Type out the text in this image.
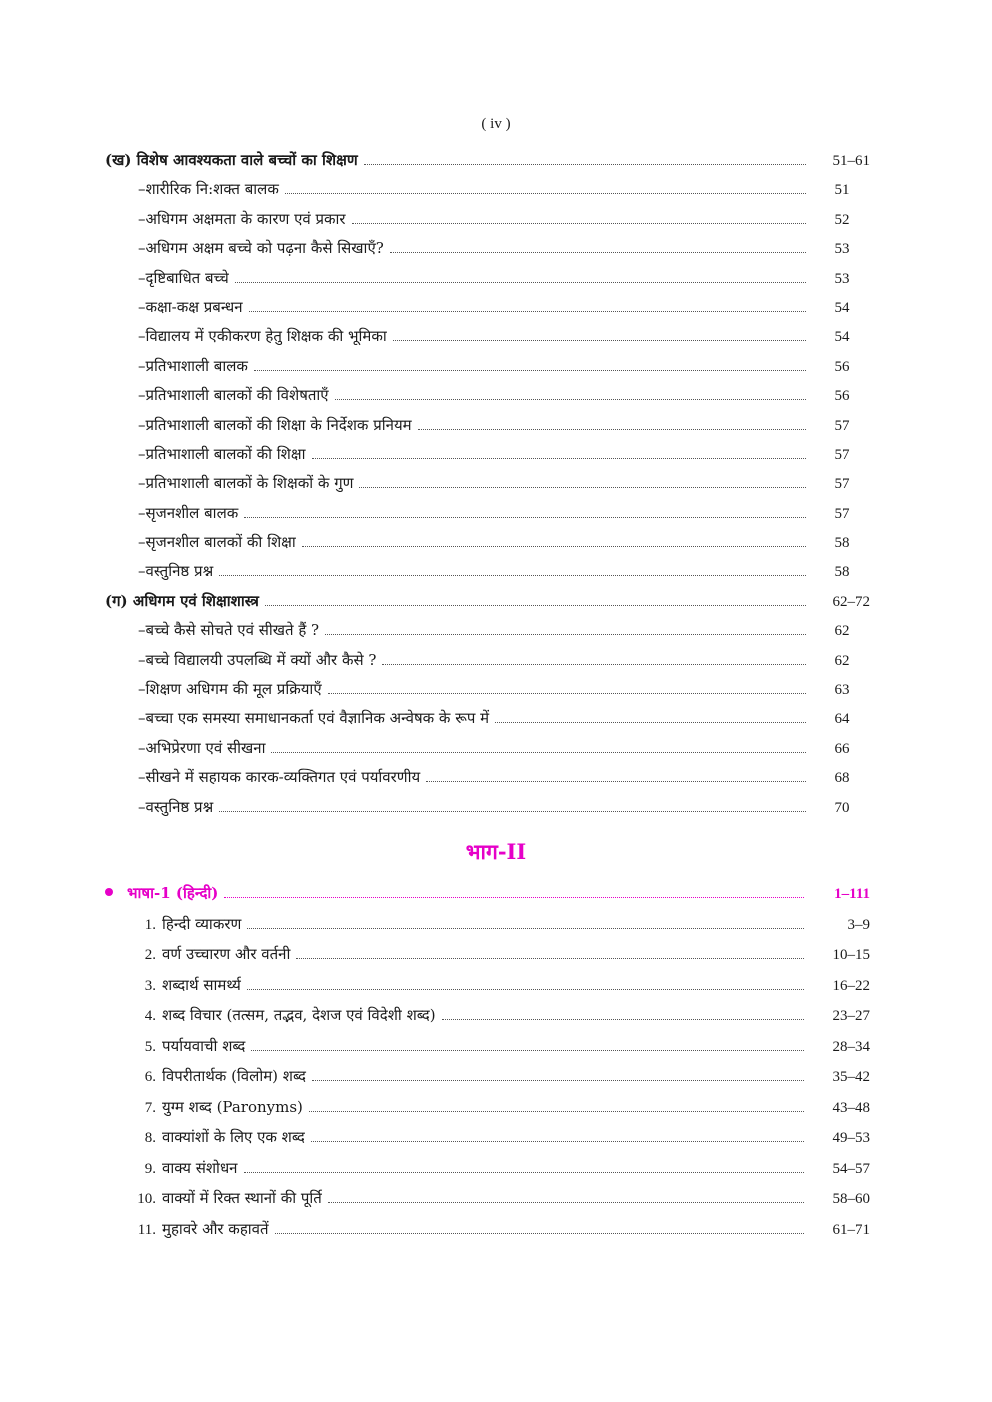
( iv )
(ख) विशेष आवश्यकता वाले बच्चों का शिक्षण	51–61
–शारीरिक नि:शक्त बालक	51
–अधिगम अक्षमता के कारण एवं प्रकार	52
–अधिगम अक्षम बच्चे को पढ़ना कैसे सिखाएँ?	53
–दृष्टिबाधित बच्चे	53
–कक्षा-कक्ष प्रबन्धन	54
–विद्यालय में एकीकरण हेतु शिक्षक की भूमिका	54
–प्रतिभाशाली बालक	56
–प्रतिभाशाली बालकों की विशेषताएँ	56
–प्रतिभाशाली बालकों की शिक्षा के निर्देशक प्रनियम	57
–प्रतिभाशाली बालकों की शिक्षा	57
–प्रतिभाशाली बालकों के शिक्षकों के गुण	57
–सृजनशील बालक	57
–सृजनशील बालकों की शिक्षा	58
–वस्तुनिष्ठ प्रश्न	58
(ग) अधिगम एवं शिक्षाशास्त्र	62–72
–बच्चे कैसे सोचते एवं सीखते हैं ?	62
–बच्चे विद्यालयी उपलब्धि में क्यों और कैसे ?	62
–शिक्षण अधिगम की मूल प्रक्रियाएँ	63
–बच्चा एक समस्या समाधानकर्ता एवं वैज्ञानिक अन्वेषक के रूप में	64
–अभिप्रेरणा एवं सीखना	66
–सीखने में सहायक कारक-व्यक्तिगत एवं पर्यावरणीय	68
–वस्तुनिष्ठ प्रश्न	70
भाग-II
भाषा-1 (हिन्दी)	1–111
1. हिन्दी व्याकरण	3–9
2. वर्ण उच्चारण और वर्तनी	10–15
3. शब्दार्थ सामर्थ्य	16–22
4. शब्द विचार (तत्सम, तद्भव, देशज एवं विदेशी शब्द)	23–27
5. पर्यायवाची शब्द	28–34
6. विपरीतार्थक (विलोम) शब्द	35–42
7. युग्म शब्द (Paronyms)	43–48
8. वाक्यांशों के लिए एक शब्द	49–53
9. वाक्य संशोधन	54–57
10. वाक्यों में रिक्त स्थानों की पूर्ति	58–60
11. मुहावरे और कहावतें	61–71
